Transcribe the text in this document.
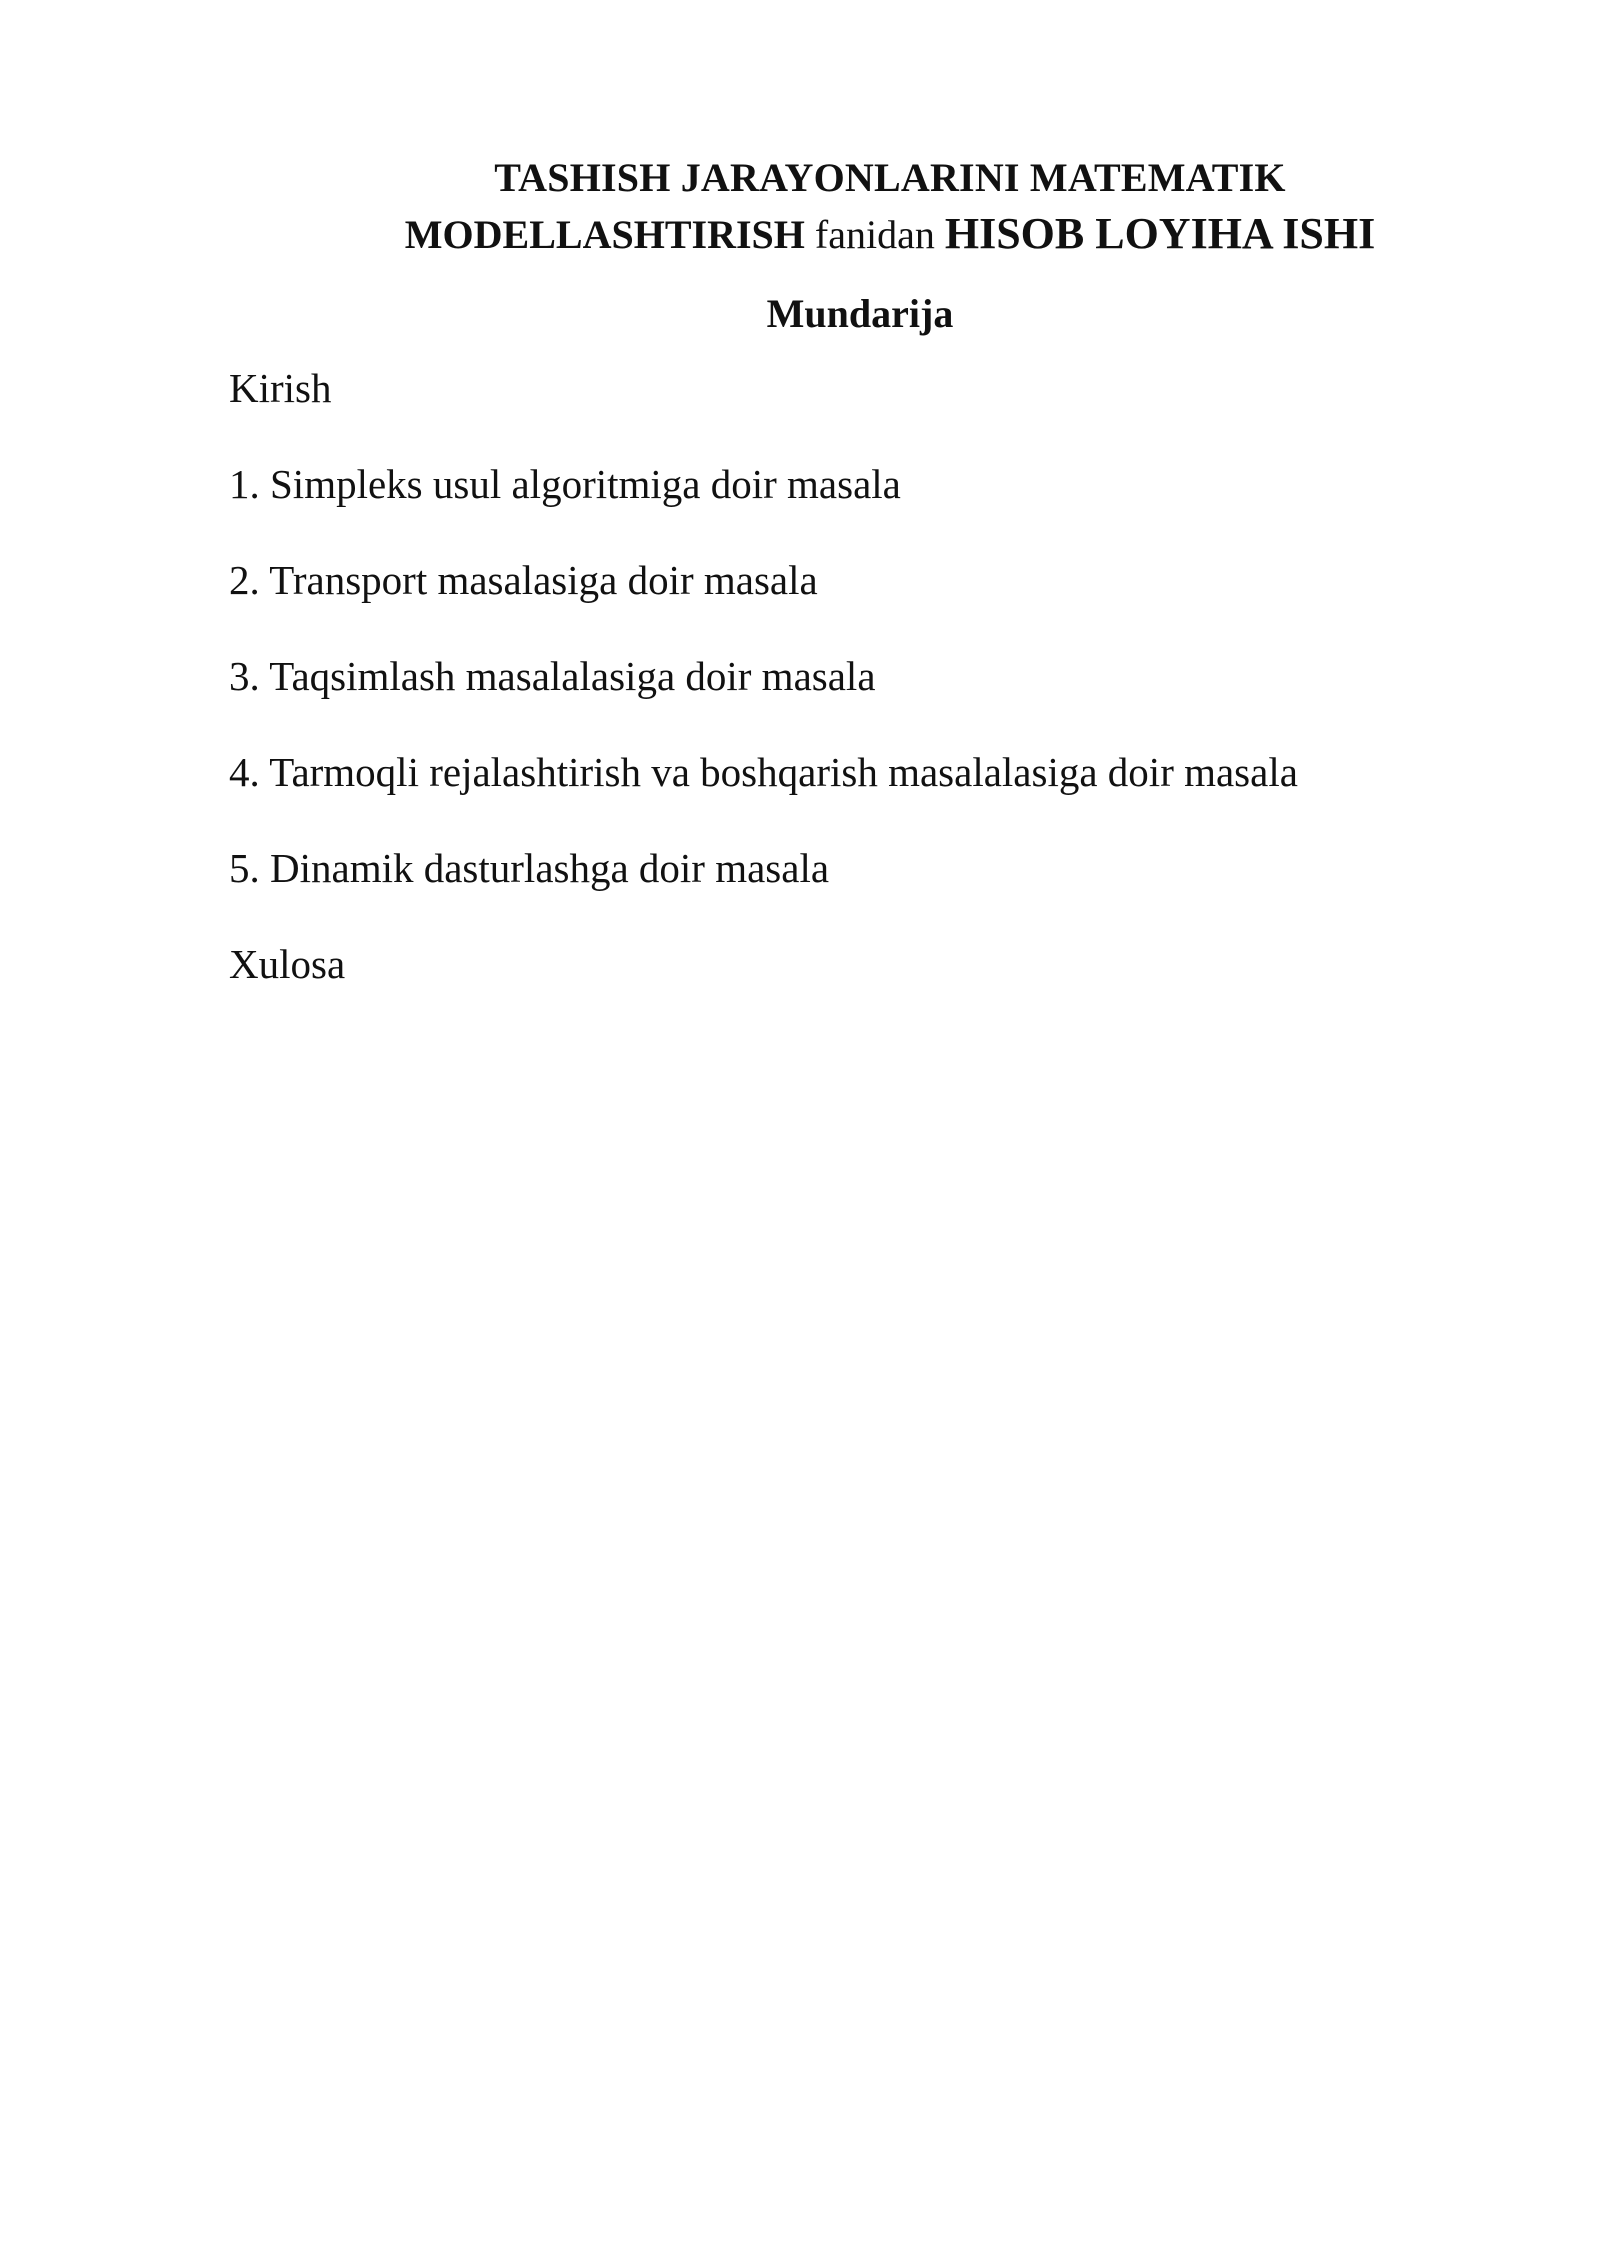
TASHISH JARAYONLARINI MATEMATIK
MODELLASHTIRISH fanidan HISOB LOYIHA ISHI
Mundarija
Kirish
1. Simpleks usul algoritmiga doir masala
2. Transport masalasiga doir masala
3. Taqsimlash masalalasiga doir masala
4. Tarmoqli rejalashtirish va boshqarish masalalasiga doir masala
5. Dinamik dasturlashga doir masala
Xulosa
